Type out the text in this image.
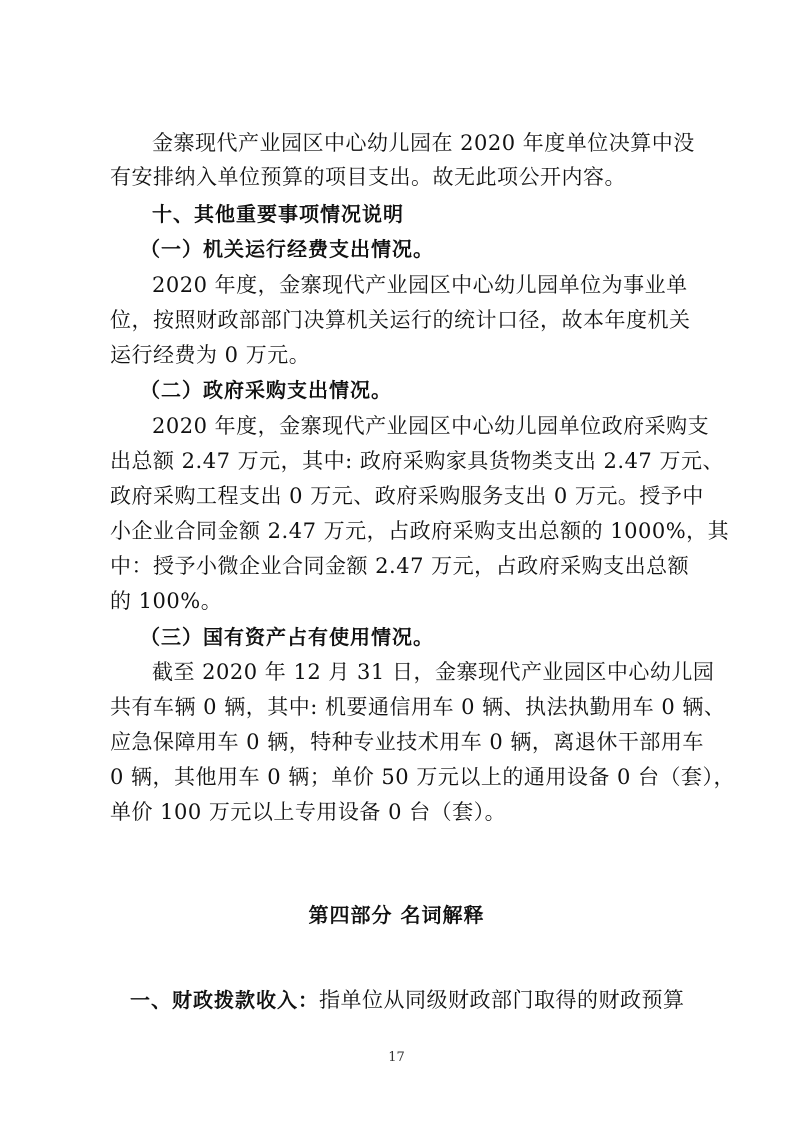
金寨现代产业园区中心幼儿园在 2020 年度单位决算中没
有安排纳入单位预算的项目支出。故无此项公开内容。
十、其他重要事项情况说明
（一）机关运行经费支出情况。
2020 年度，金寨现代产业园区中心幼儿园单位为事业单
位，按照财政部部门决算机关运行的统计口径，故本年度机关
运行经费为 0 万元。
（二）政府采购支出情况。
2020 年度，金寨现代产业园区中心幼儿园单位政府采购支
出总额 2.47 万元，其中: 政府采购家具货物类支出 2.47 万元、
政府采购工程支出 0 万元、政府采购服务支出 0 万元。授予中
小企业合同金额 2.47 万元，占政府采购支出总额的 1000%，其
中：授予小微企业合同金额 2.47 万元，占政府采购支出总额
的 100%。
（三）国有资产占有使用情况。
截至 2020 年 12 月 31 日，金寨现代产业园区中心幼儿园
共有车辆 0 辆，其中: 机要通信用车 0 辆、执法执勤用车 0 辆、
应急保障用车 0 辆，特种专业技术用车 0 辆，离退休干部用车
0 辆，其他用车 0 辆；单价 50 万元以上的通用设备 0 台（套），
单价 100 万元以上专用设备 0 台（套）。
第四部分 名词解释
一、财政拨款收入：指单位从同级财政部门取得的财政预算
17
